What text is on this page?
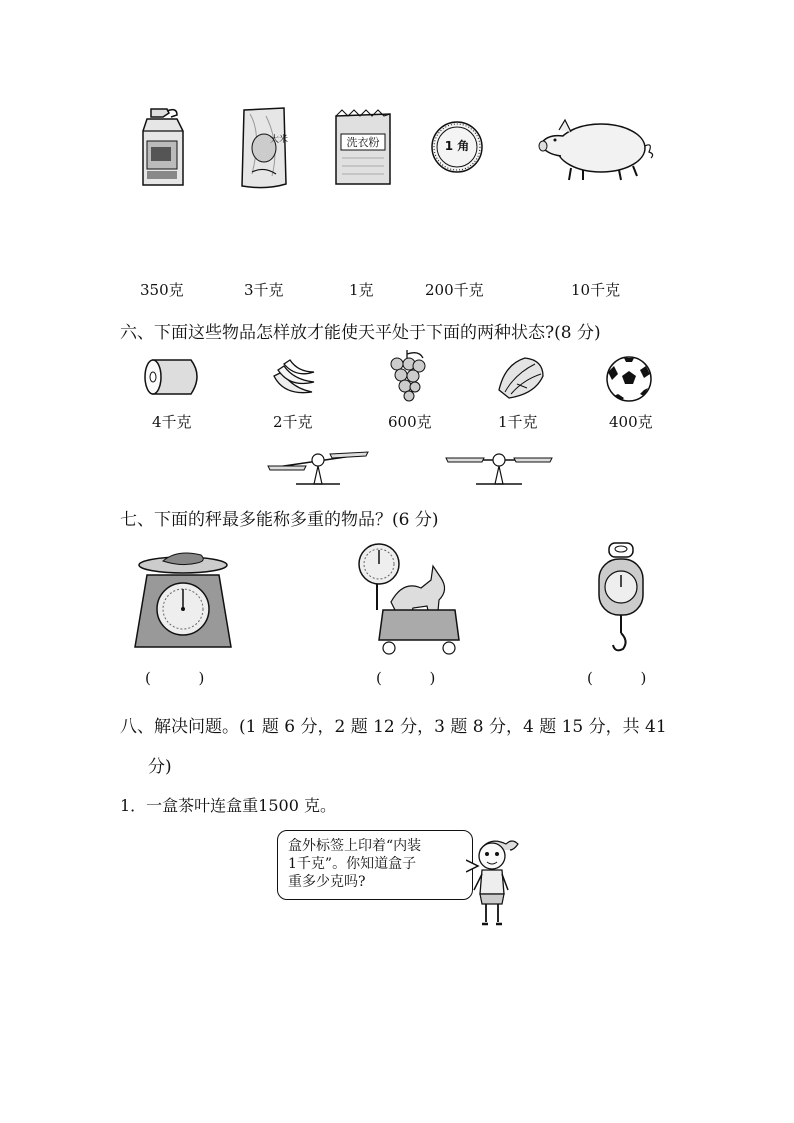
大米	洗衣粉	1 角
350克	3千克	1克	200千克	10千克
六、下面这些物品怎样放才能使天平处于下面的两种状态?(8 分)
4千克	2千克	600克	1千克	400克
七、下面的秤最多能称多重的物品？(6 分)
(          )	(          )	(          )
八、解决问题。(1 题 6 分，2 题 12 分，3 题 8 分，4 题 15 分，共 41
分)
1．一盒茶叶连盒重1500 克。
盒外标签上印着“内装
1千克”。你知道盒子
重多少克吗?
